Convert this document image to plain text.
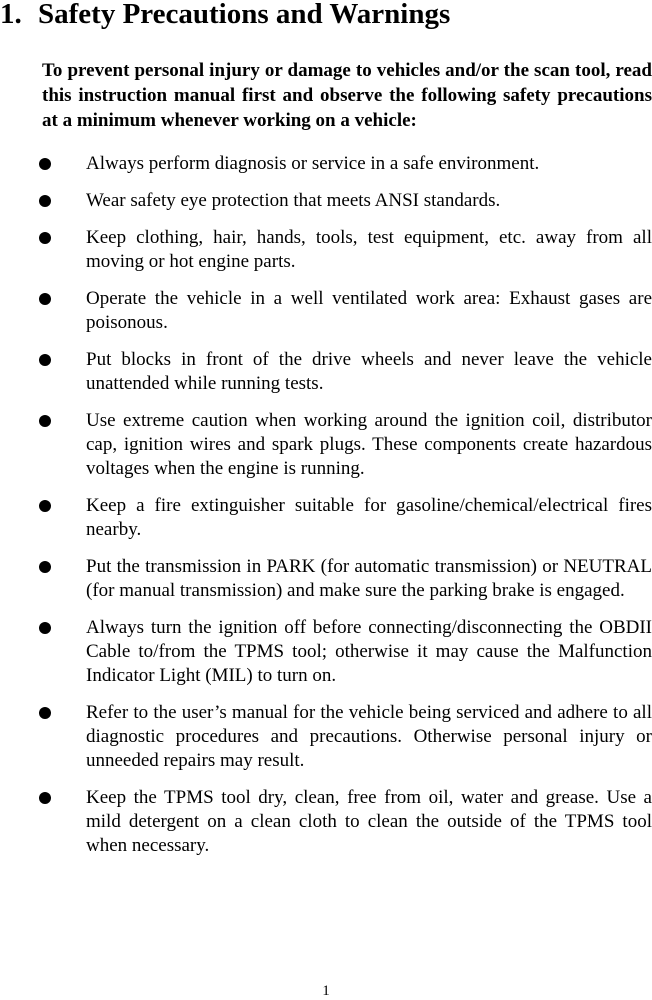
1. Safety Precautions and Warnings

To prevent personal injury or damage to vehicles and/or the scan tool, read this instruction manual first and observe the following safety precautions at a minimum whenever working on a vehicle:

Always perform diagnosis or service in a safe environment.
Wear safety eye protection that meets ANSI standards.
Keep clothing, hair, hands, tools, test equipment, etc. away from all moving or hot engine parts.
Operate the vehicle in a well ventilated work area: Exhaust gases are poisonous.
Put blocks in front of the drive wheels and never leave the vehicle unattended while running tests.
Use extreme caution when working around the ignition coil, distributor cap, ignition wires and spark plugs. These components create hazardous voltages when the engine is running.
Keep a fire extinguisher suitable for gasoline/chemical/electrical fires nearby.
Put the transmission in PARK (for automatic transmission) or NEUTRAL (for manual transmission) and make sure the parking brake is engaged.
Always turn the ignition off before connecting/disconnecting the OBDII Cable to/from the TPMS tool; otherwise it may cause the Malfunction Indicator Light (MIL) to turn on.
Refer to the user’s manual for the vehicle being serviced and adhere to all diagnostic procedures and precautions. Otherwise personal injury or unneeded repairs may result.
Keep the TPMS tool dry, clean, free from oil, water and grease. Use a mild detergent on a clean cloth to clean the outside of the TPMS tool when necessary.
1
